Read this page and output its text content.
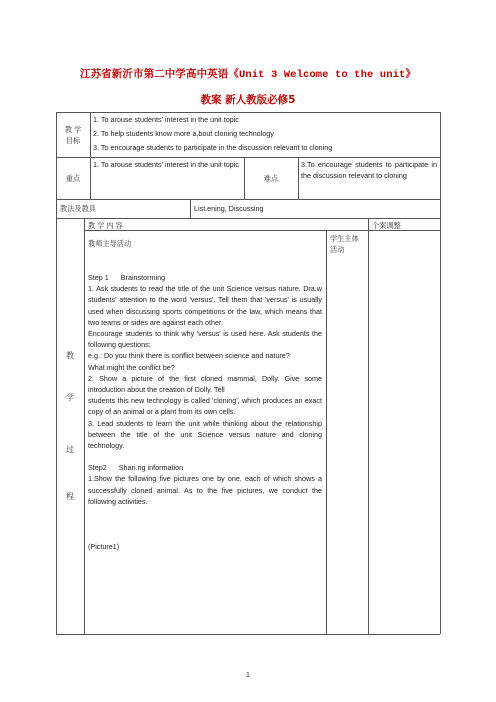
江苏省新沂市第二中学高中英语《Unit 3 Welcome to the unit》
教案 新人教版必修5
教 学
目标
1. To arouse students' interest in the unit topic
2. To help students know more a,bout cloning technology
3. To encourage students to participate in the discussion relevant to cloning
重点
1. To arouse students' interest in the unit topic
难点
3.To encourage students to participate in the discussion relevant to cloning
教法及教具	List.ening, Discussing
教 学 内 容	个案调整
教师主导活动
学生主体
活动
教
学
过
程
Step 1      Brainstorming
1. Ask students to read the title of the unit Science versus nature. Dra.w students' attention to the word 'versus'. Tell them that 'versus' is usually used when discussing sports competitions or the law, which means that two teams or sides are against each other.
Encourage students to think why 'versus' is used here. Ask students the following questions:
e.g.: Do you think there is conflict between science and nature?
What might the conflict be?
2. Show a picture of the first cloned mammal, Dolly. Give some introduction about the creation of Dolly. Tell
students this new technology is called 'cloning', which produces an exact copy of an animal or a plant from its own cells.
3. Lead students to learn the unit while thinking about the relationship between the title of the unit Science versus nature and cloning technology.
Step2      Shari.ng information
1.Show the following five pictures one by one, each of which shows a successfully cloned animal. As to the five pictures, we conduct the following activities.
(Picture1)
1
